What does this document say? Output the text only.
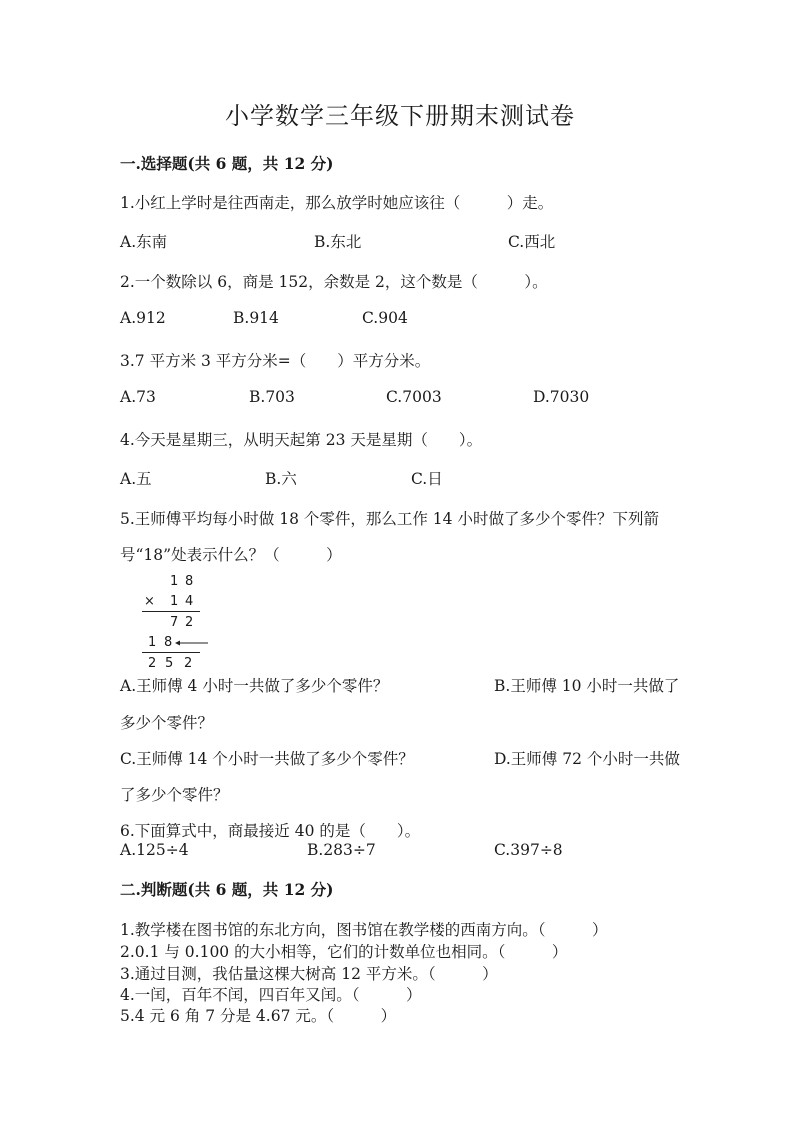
小学数学三年级下册期末测试卷
一.选择题(共 6 题，共 12 分)
1.小红上学时是往西南走，那么放学时她应该往（　　　）走。
A.东南	B.东北	C.西北
2.一个数除以 6，商是 152，余数是 2，这个数是（　　　）。
A.912	B.914	C.904
3.7 平方米 3 平方分米=（　　）平方分米。
A.73	B.703	C.7003	D.7030
4.今天是星期三，从明天起第 23 天是星期（　　）。
A.五	B.六	C.日
5.王师傅平均每小时做 18 个零件，那么工作 14 小时做了多少个零件？下列箭
号“18”处表示什么？（　　　）
1 8
× 1 4
7 2
1 8
2 5 2
A.王师傅 4 小时一共做了多少个零件？	B.王师傅 10 小时一共做了
多少个零件？
C.王师傅 14 个小时一共做了多少个零件？	D.王师傅 72 个小时一共做
了多少个零件？
6.下面算式中，商最接近 40 的是（　　）。
A.125÷4	B.283÷7	C.397÷8
二.判断题(共 6 题，共 12 分)
1.教学楼在图书馆的东北方向，图书馆在教学楼的西南方向。（　　　）
2.0.1 与 0.100 的大小相等，它们的计数单位也相同。（　　　）
3.通过目测，我估量这棵大树高 12 平方米。（　　　）
4.一闰，百年不闰，四百年又闰。（　　　）
5.4 元 6 角 7 分是 4.67 元。（　　　）
